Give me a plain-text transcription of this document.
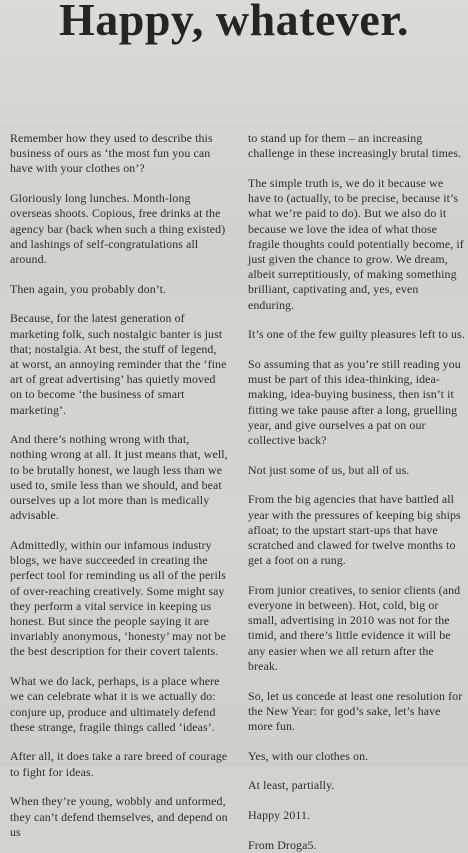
Happy, whatever.

Remember how they used to describe this business of ours as ‘the most fun you can have with your clothes on’?

Gloriously long lunches. Month-long overseas shoots. Copious, free drinks at the agency bar (back when such a thing existed) and lashings of self-congratulations all around.

Then again, you probably don’t.

Because, for the latest generation of marketing folk, such nostalgic banter is just that; nostalgia. At best, the stuff of legend, at worst, an annoying reminder that the ‘fine art of great advertising’ has quietly moved on to become ‘the business of smart marketing’.

And there’s nothing wrong with that, nothing wrong at all. It just means that, well, to be brutally honest, we laugh less than we used to, smile less than we should, and beat ourselves up a lot more than is medically advisable.

Admittedly, within our infamous industry blogs, we have succeeded in creating the perfect tool for reminding us all of the perils of over-reaching creatively. Some might say they perform a vital service in keeping us honest. But since the people saying it are invariably anonymous, ‘honesty’ may not be the best description for their covert talents.

What we do lack, perhaps, is a place where we can celebrate what it is we actually do: conjure up, produce and ultimately defend these strange, fragile things called ‘ideas’.

After all, it does take a rare breed of courage to fight for ideas.

When they’re young, wobbly and unformed, they can’t defend themselves, and depend on us

to stand up for them – an increasing challenge in these increasingly brutal times.

The simple truth is, we do it because we have to (actually, to be precise, because it’s what we’re paid to do). But we also do it because we love the idea of what those fragile thoughts could potentially become, if just given the chance to grow. We dream, albeit surreptitiously, of making something brilliant, captivating and, yes, even enduring.

It’s one of the few guilty pleasures left to us.

So assuming that as you’re still reading you must be part of this idea-thinking, idea-making, idea-buying business, then isn’t it fitting we take pause after a long, gruelling year, and give ourselves a pat on our collective back?

Not just some of us, but all of us.

From the big agencies that have battled all year with the pressures of keeping big ships afloat; to the upstart start-ups that have scratched and clawed for twelve months to get a foot on a rung.

From junior creatives, to senior clients (and everyone in between). Hot, cold, big or small, advertising in 2010 was not for the timid, and there’s little evidence it will be any easier when we all return after the break.

So, let us concede at least one resolution for the New Year: for god’s sake, let’s have more fun.

Yes, with our clothes on.

At least, partially.

Happy 2011.

From Droga5.
